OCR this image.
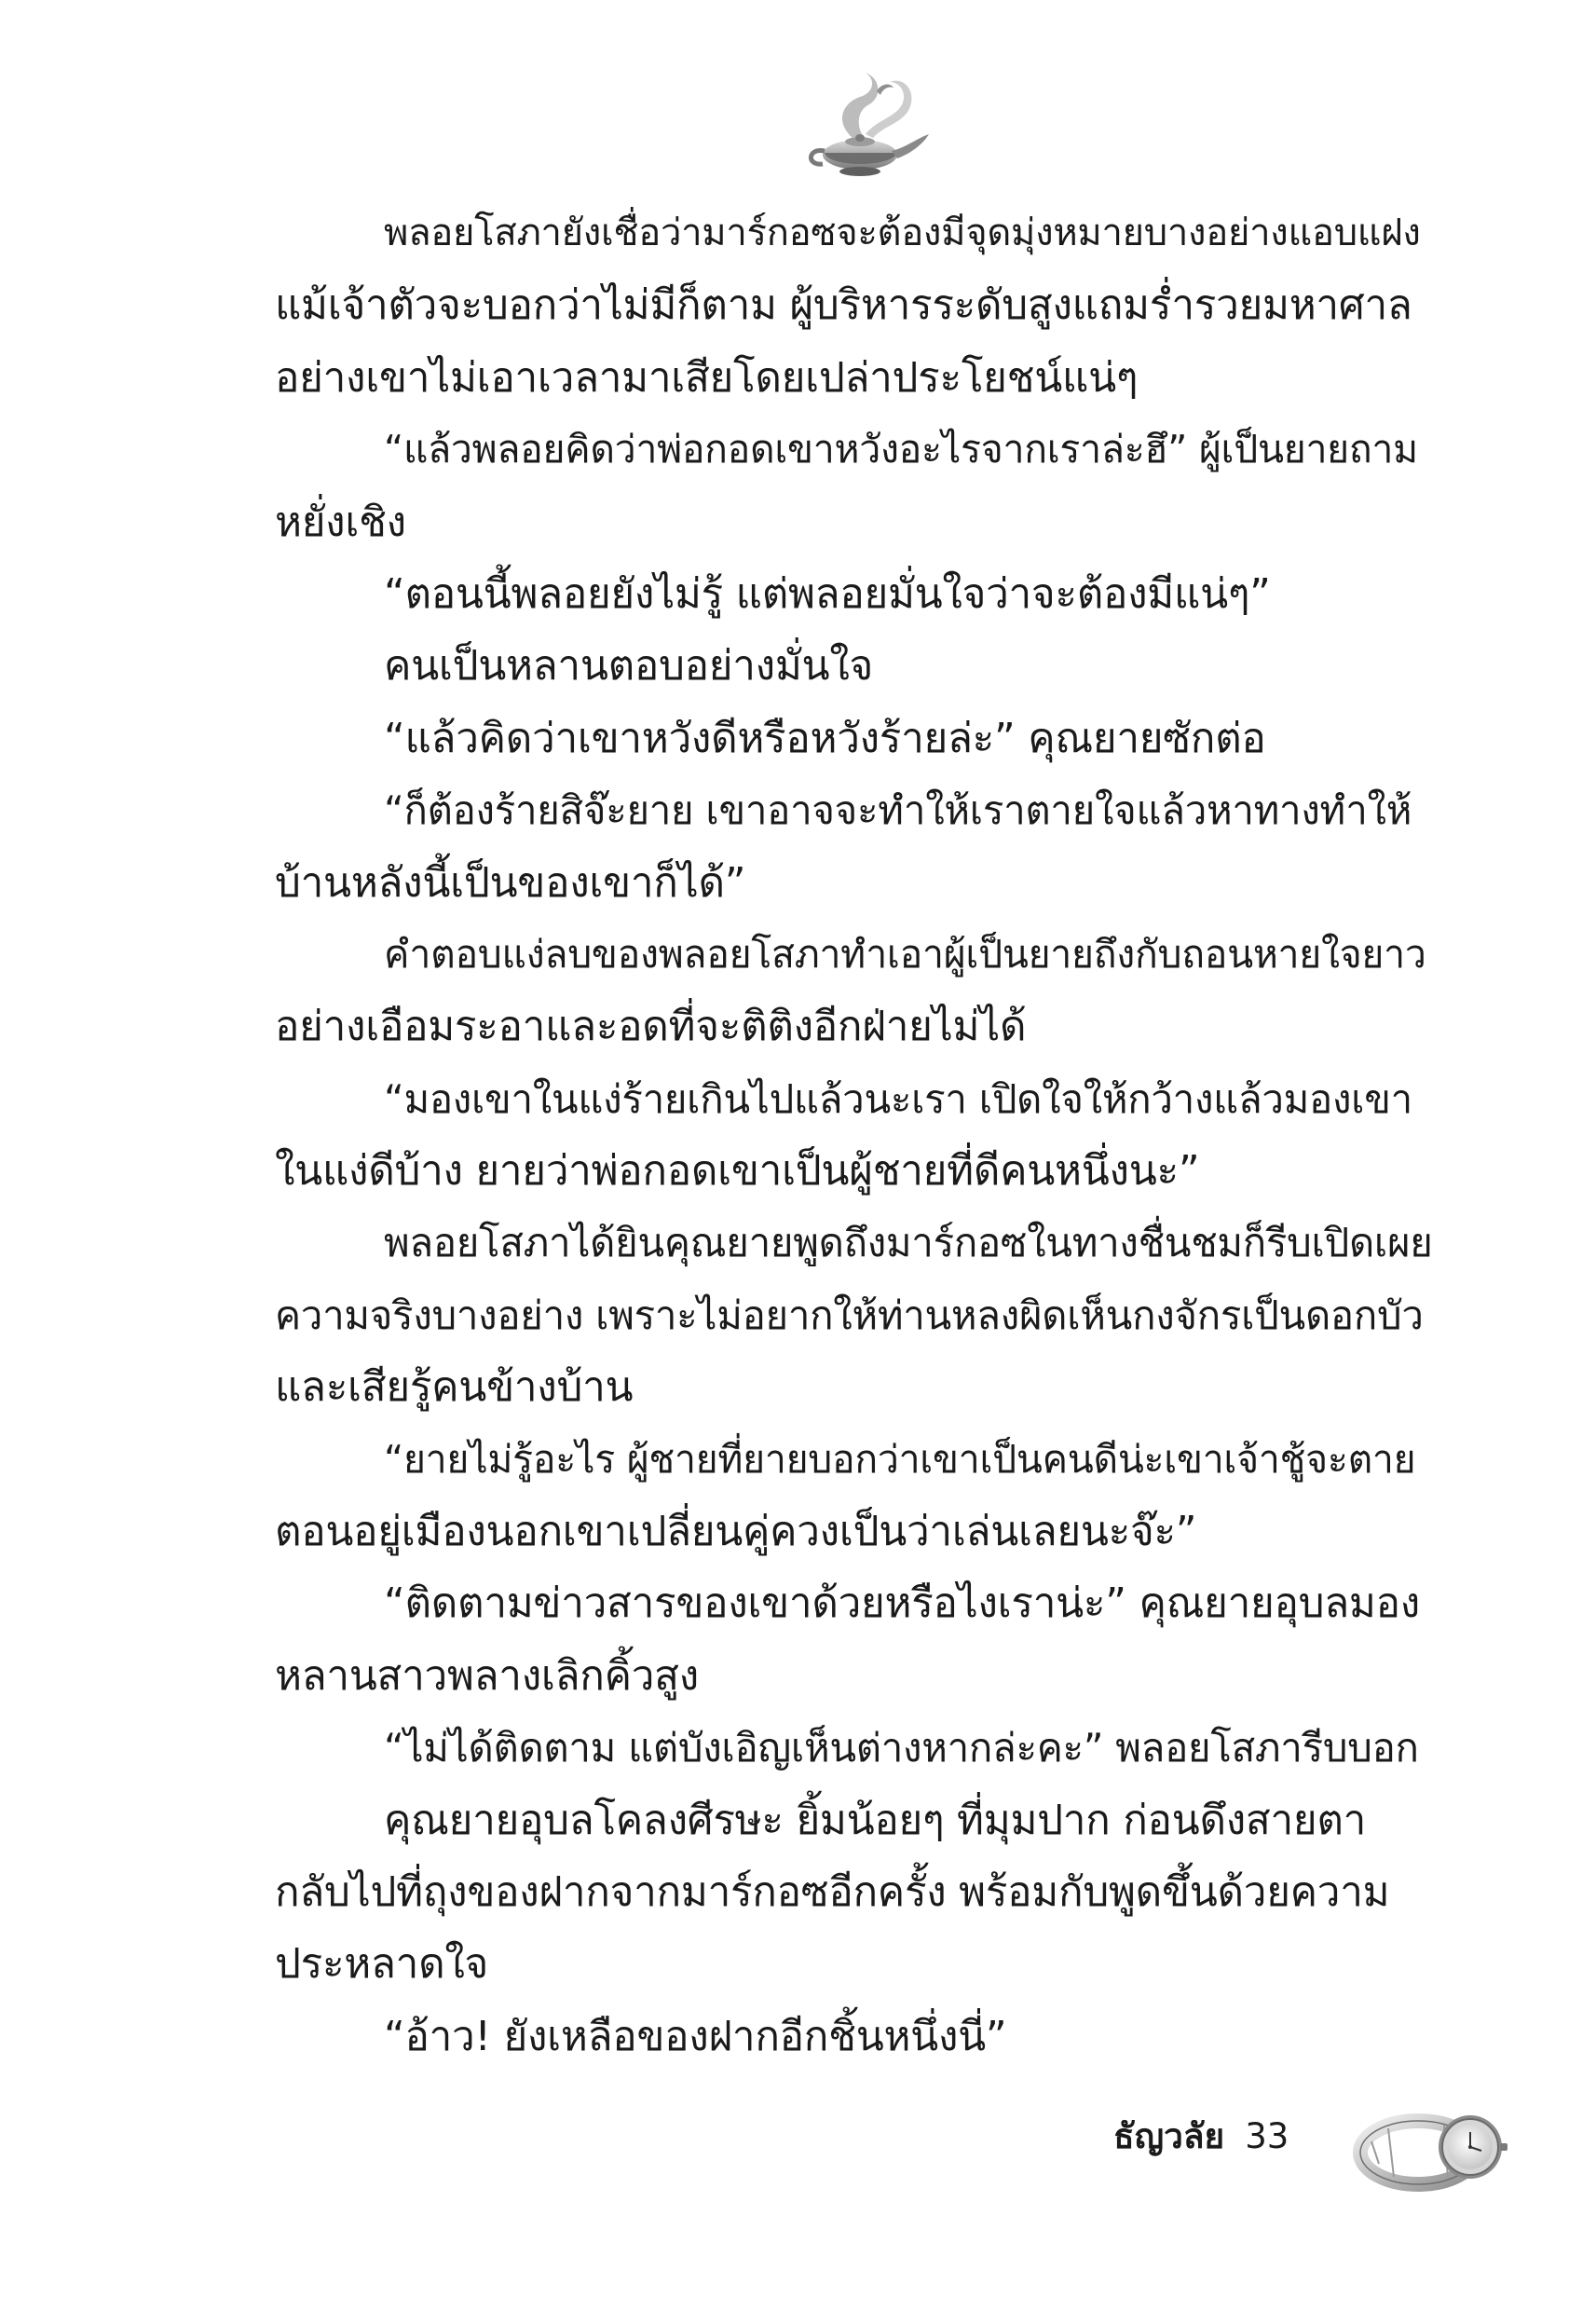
พลอยโสภายังเชื่อว่ามาร์กอซจะต้องมีจุดมุ่งหมายบางอย่างแอบแฝง
แม้เจ้าตัวจะบอกว่าไม่มีก็ตาม ผู้บริหารระดับสูงแถมร่ำรวยมหาศาล
อย่างเขาไม่เอาเวลามาเสียโดยเปล่าประโยชน์แน่ๆ
“แล้วพลอยคิดว่าพ่อกอดเขาหวังอะไรจากเราล่ะฮึ” ผู้เป็นยายถาม
หยั่งเชิง
“ตอนนี้พลอยยังไม่รู้ แต่พลอยมั่นใจว่าจะต้องมีแน่ๆ”
คนเป็นหลานตอบอย่างมั่นใจ
“แล้วคิดว่าเขาหวังดีหรือหวังร้ายล่ะ” คุณยายซักต่อ
“ก็ต้องร้ายสิจ๊ะยาย เขาอาจจะทำให้เราตายใจแล้วหาทางทำให้
บ้านหลังนี้เป็นของเขาก็ได้”
คำตอบแง่ลบของพลอยโสภาทำเอาผู้เป็นยายถึงกับถอนหายใจยาว
อย่างเอือมระอาและอดที่จะติติงอีกฝ่ายไม่ได้
“มองเขาในแง่ร้ายเกินไปแล้วนะเรา เปิดใจให้กว้างแล้วมองเขา
ในแง่ดีบ้าง ยายว่าพ่อกอดเขาเป็นผู้ชายที่ดีคนหนึ่งนะ”
พลอยโสภาได้ยินคุณยายพูดถึงมาร์กอซในทางชื่นชมก็รีบเปิดเผย
ความจริงบางอย่าง เพราะไม่อยากให้ท่านหลงผิดเห็นกงจักรเป็นดอกบัว
และเสียรู้คนข้างบ้าน
“ยายไม่รู้อะไร ผู้ชายที่ยายบอกว่าเขาเป็นคนดีน่ะเขาเจ้าชู้จะตาย
ตอนอยู่เมืองนอกเขาเปลี่ยนคู่ควงเป็นว่าเล่นเลยนะจ๊ะ”
“ติดตามข่าวสารของเขาด้วยหรือไงเราน่ะ” คุณยายอุบลมอง
หลานสาวพลางเลิกคิ้วสูง
“ไม่ได้ติดตาม แต่บังเอิญเห็นต่างหากล่ะคะ” พลอยโสภารีบบอก
คุณยายอุบลโคลงศีรษะ ยิ้มน้อยๆ ที่มุมปาก ก่อนดึงสายตา
กลับไปที่ถุงของฝากจากมาร์กอซอีกครั้ง พร้อมกับพูดขึ้นด้วยความ
ประหลาดใจ
“อ้าว! ยังเหลือของฝากอีกชิ้นหนึ่งนี่”
ธัญวลัย 33
